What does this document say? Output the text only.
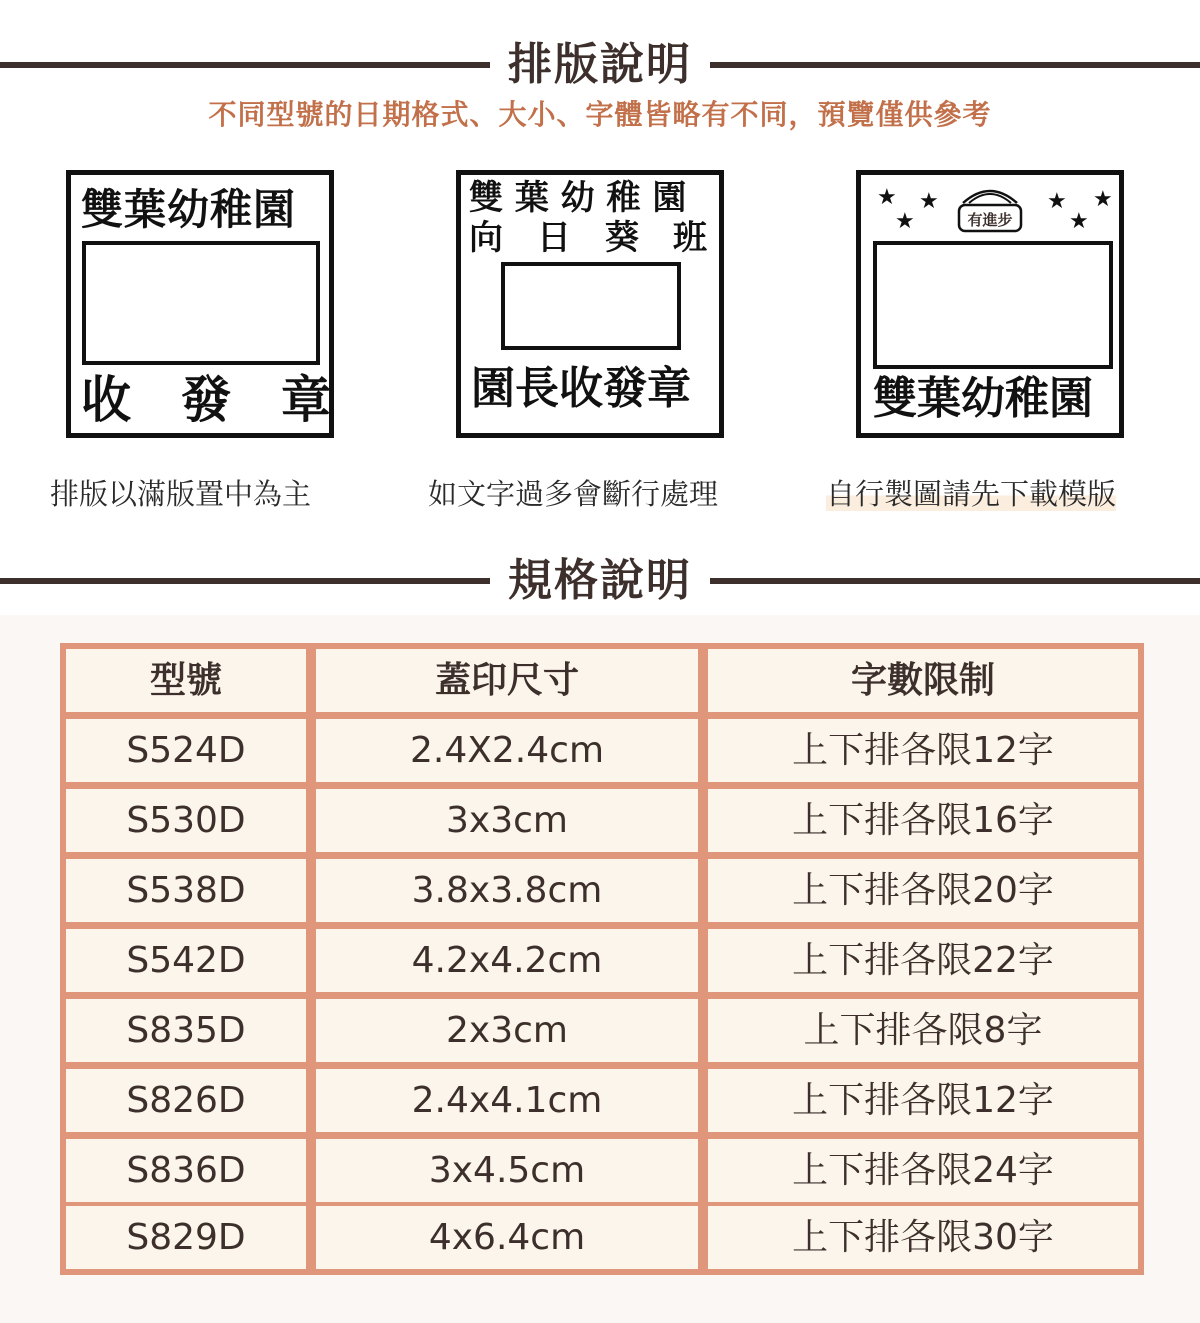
排版說明
不同型號的日期格式、大小、字體皆略有不同，預覽僅供參考
雙葉幼稚園
收　發　章
雙 葉 幼 稚 園
向　日　葵　班
園長收發章
★ ★
★
★ ★
★
有進步
雙葉幼稚園
排版以滿版置中為主	如文字過多會斷行處理	自行製圖請先下載模版
規格說明
型號	蓋印尺寸	字數限制
S524D	2.4X2.4cm	上下排各限12字
S530D	3x3cm	上下排各限16字
S538D	3.8x3.8cm	上下排各限20字
S542D	4.2x4.2cm	上下排各限22字
S835D	2x3cm	上下排各限8字
S826D	2.4x4.1cm	上下排各限12字
S836D	3x4.5cm	上下排各限24字
S829D	4x6.4cm	上下排各限30字
